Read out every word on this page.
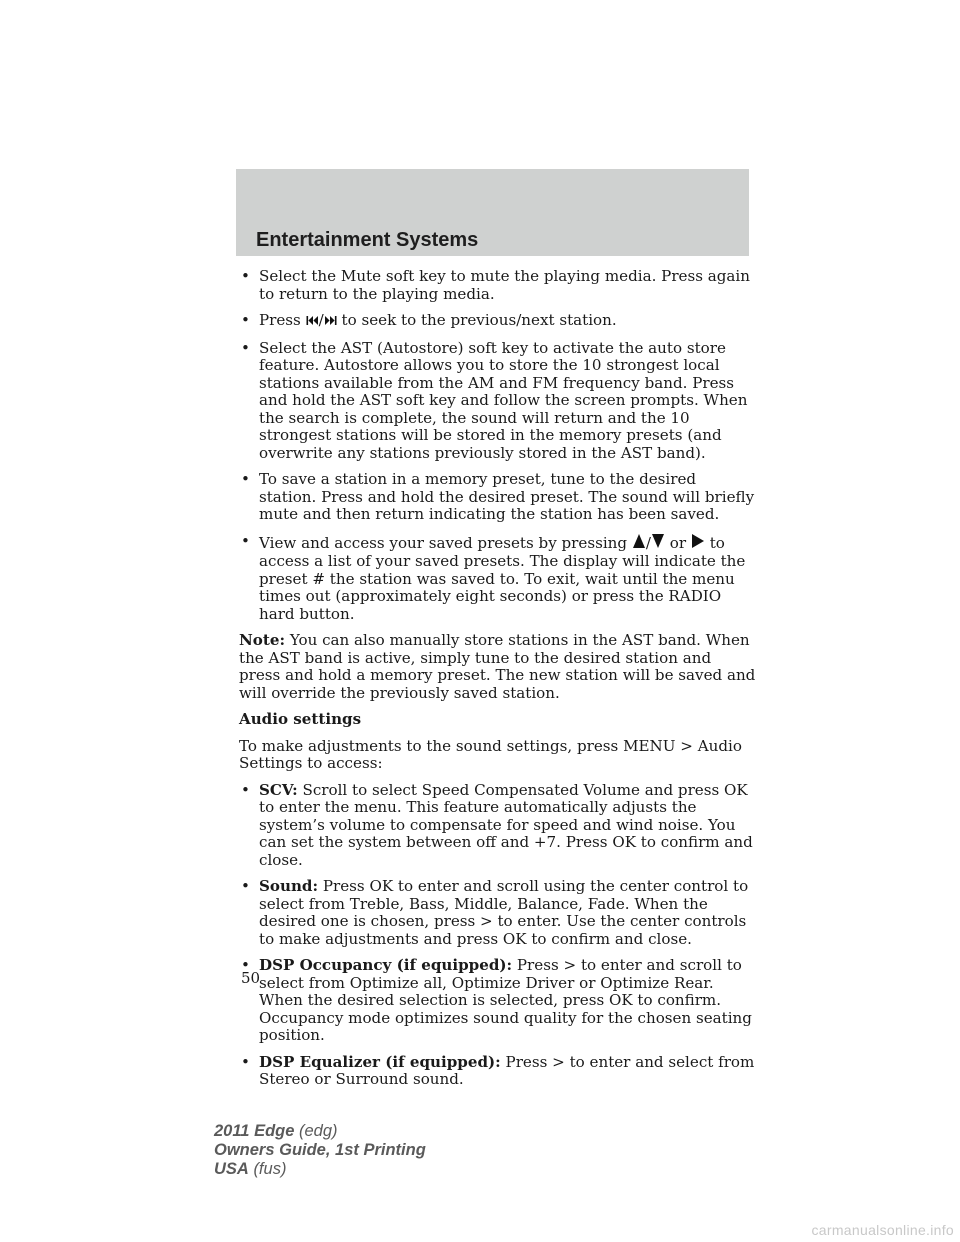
Entertainment Systems
• Select the Mute soft key to mute the playing media. Press again to return to the playing media.
• Press / to seek to the previous/next station.
• Select the AST (Autostore) soft key to activate the auto store feature. Autostore allows you to store the 10 strongest local stations available from the AM and FM frequency band. Press and hold the AST soft key and follow the screen prompts. When the search is complete, the sound will return and the 10 strongest stations will be stored in the memory presets (and overwrite any stations previously stored in the AST band).
• To save a station in a memory preset, tune to the desired station. Press and hold the desired preset. The sound will briefly mute and then return indicating the station has been saved.
• View and access your saved presets by pressing / or to access a list of your saved presets. The display will indicate the preset # the station was saved to. To exit, wait until the menu times out (approximately eight seconds) or press the RADIO hard button.
Note: You can also manually store stations in the AST band. When the AST band is active, simply tune to the desired station and press and hold a memory preset. The new station will be saved and will override the previously saved station.
Audio settings
To make adjustments to the sound settings, press MENU > Audio Settings to access:
• SCV: Scroll to select Speed Compensated Volume and press OK to enter the menu. This feature automatically adjusts the system’s volume to compensate for speed and wind noise. You can set the system between off and +7. Press OK to confirm and close.
• Sound: Press OK to enter and scroll using the center control to select from Treble, Bass, Middle, Balance, Fade. When the desired one is chosen, press > to enter. Use the center controls to make adjustments and press OK to confirm and close.
• DSP Occupancy (if equipped): Press > to enter and scroll to select from Optimize all, Optimize Driver or Optimize Rear. When the desired selection is selected, press OK to confirm. Occupancy mode optimizes sound quality for the chosen seating position.
• DSP Equalizer (if equipped): Press > to enter and select from Stereo or Surround sound.
50
2011 Edge (edg)
Owners Guide, 1st Printing
USA (fus)
carmanualsonline.info
